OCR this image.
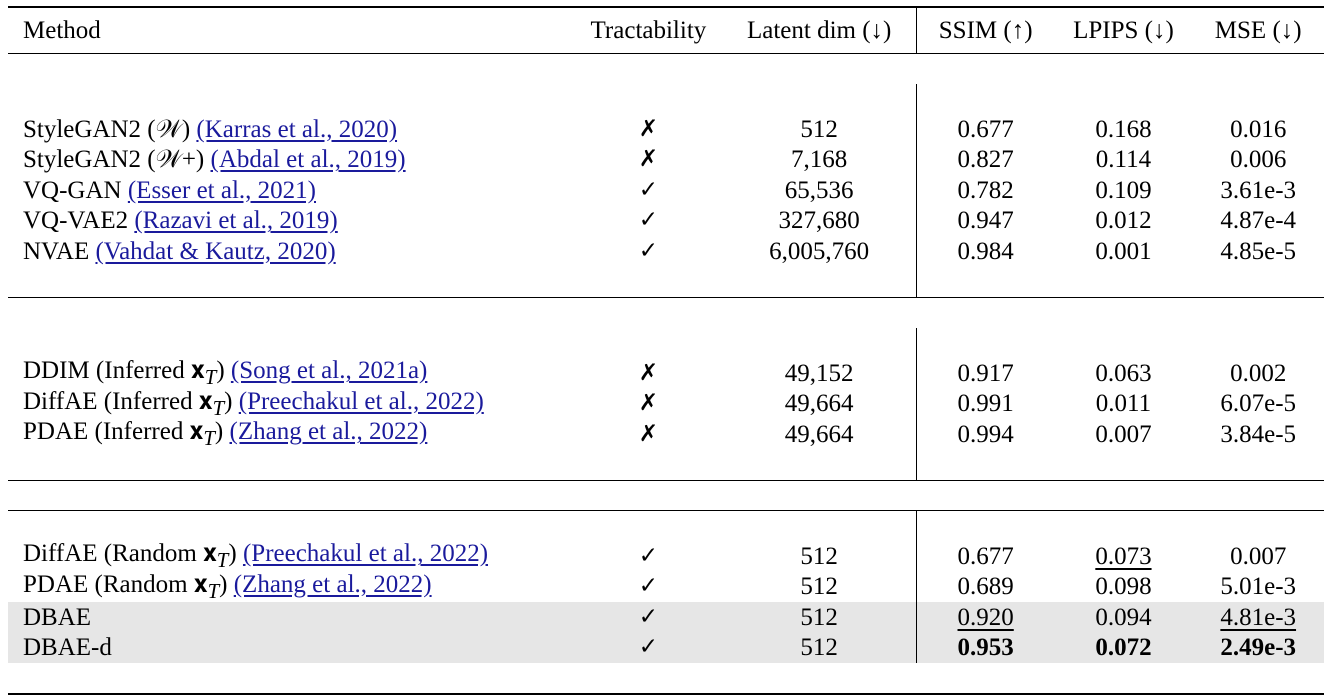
Method	Tractability	Latent dim (↓)	SSIM (↑)	LPIPS (↓)	MSE (↓)

StyleGAN2 (𝒲) (Karras et al., 2020)	✗	512	0.677	0.168	0.016
StyleGAN2 (𝒲+) (Abdal et al., 2019)	✗	7,168	0.827	0.114	0.006
VQ-GAN (Esser et al., 2021)	✓	65,536	0.782	0.109	3.61e-3
VQ-VAE2 (Razavi et al., 2019)	✓	327,680	0.947	0.012	4.87e-4
NVAE (Vahdat & Kautz, 2020)	✓	6,005,760	0.984	0.001	4.85e-5

DDIM (Inferred 𝐱$_T$) (Song et al., 2021a)	✗	49,152	0.917	0.063	0.002
DiffAE (Inferred 𝐱$_T$) (Preechakul et al., 2022)	✗	49,664	0.991	0.011	6.07e-5
PDAE (Inferred 𝐱$_T$) (Zhang et al., 2022)	✗	49,664	0.994	0.007	3.84e-5

DiffAE (Random 𝐱$_T$) (Preechakul et al., 2022)	✓	512	0.677	0.073	0.007
PDAE (Random 𝐱$_T$) (Zhang et al., 2022)	✓	512	0.689	0.098	5.01e-3
DBAE	✓	512	0.920	0.094	4.81e-3
DBAE-d	✓	512	0.953	0.072	2.49e-3
